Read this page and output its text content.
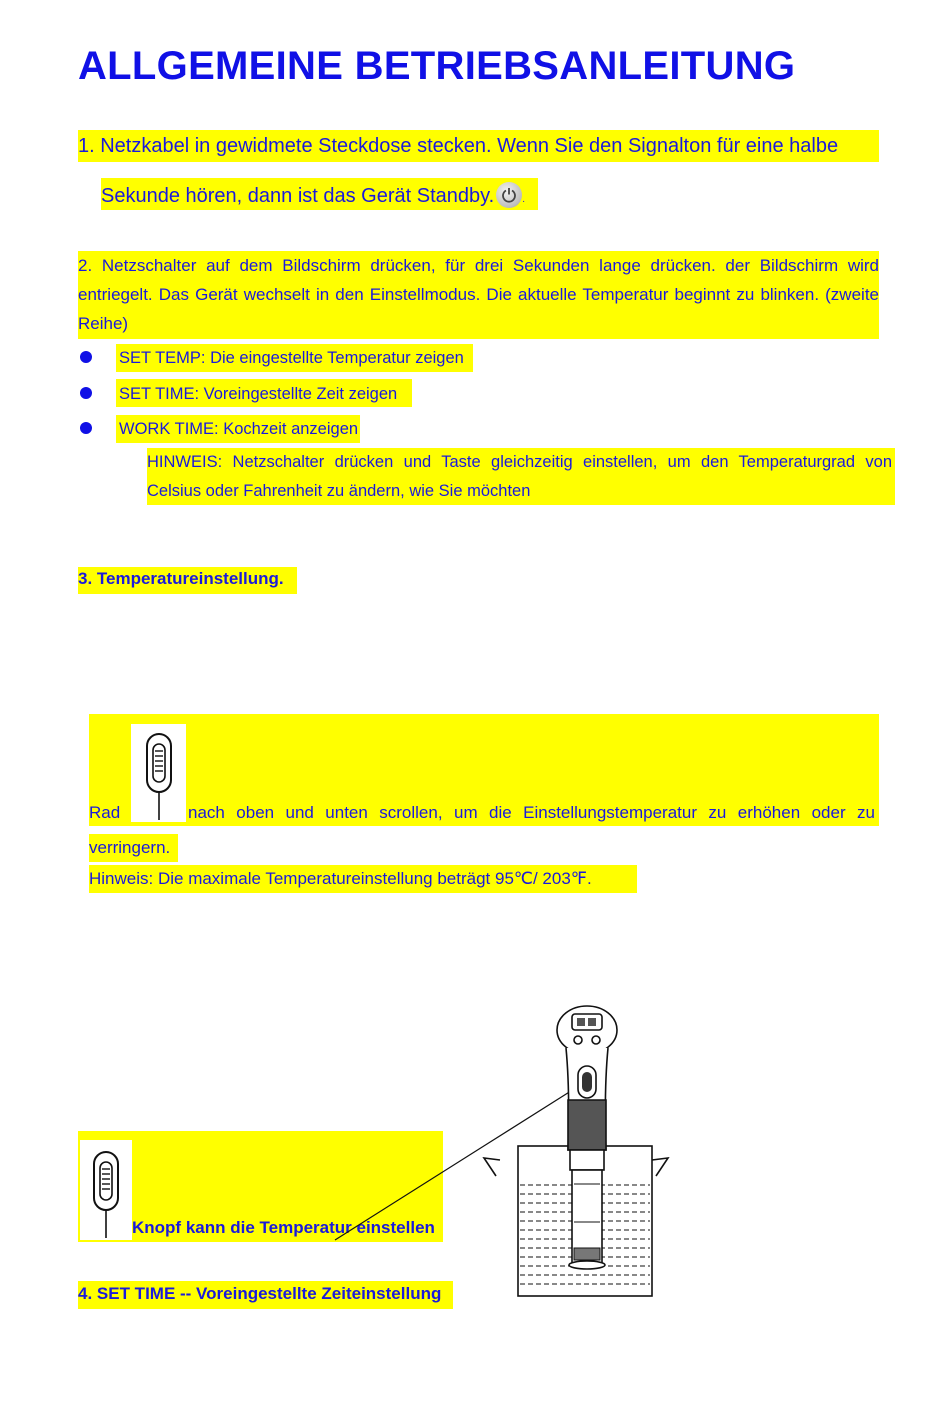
ALLGEMEINE BETRIEBSANLEITUNG
1. Netzkabel in gewidmete Steckdose stecken. Wenn Sie den Signalton für eine halbe
Sekunde hören, dann ist das Gerät Standby.	.
2. Netzschalter auf dem Bildschirm drücken, für drei Sekunden lange drücken. der Bildschirm wird entriegelt. Das Gerät wechselt in den Einstellmodus. Die aktuelle Temperatur beginnt zu blinken. (zweite Reihe)
SET TEMP: Die eingestellte Temperatur zeigen
SET TIME: Voreingestellte Zeit zeigen
WORK TIME: Kochzeit anzeigen
HINWEIS: Netzschalter drücken und Taste gleichzeitig einstellen, um den Temperaturgrad von Celsius oder Fahrenheit zu ändern, wie Sie möchten
3. Temperatureinstellung.
Rad	nach oben und unten scrollen, um die Einstellungstemperatur zu erhöhen oder zu
verringern.
Hinweis: Die maximale Temperatureinstellung beträgt 95℃/ 203℉.
Knopf kann die Temperatur einstellen
4. SET TIME -- Voreingestellte Zeiteinstellung
